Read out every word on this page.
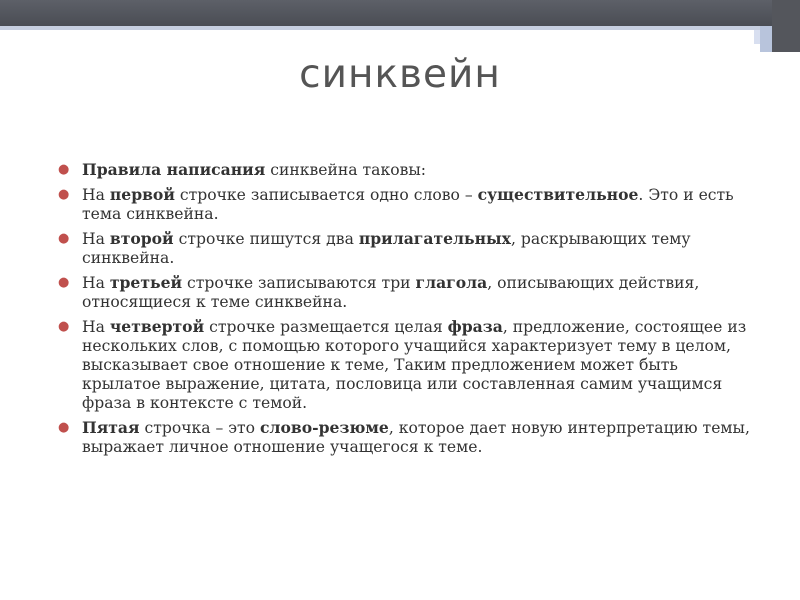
синквейн
● Правила написания синквейна таковы:
● На первой строчке записывается одно слово – существительное. Это и есть тема синквейна.
● На второй строчке пишутся два прилагательных, раскрывающих тему синквейна.
● На третьей строчке записываются три глагола, описывающих действия, относящиеся к теме синквейна.
● На четвертой строчке размещается целая фраза, предложение, состоящее из нескольких слов, с помощью которого учащийся характеризует тему в целом, высказывает свое отношение к теме, Таким предложением может быть крылатое выражение, цитата, пословица или составленная самим учащимся фраза в контексте с темой.
● Пятая строчка – это слово-резюме, которое дает новую интерпретацию темы, выражает личное отношение учащегося к теме.
